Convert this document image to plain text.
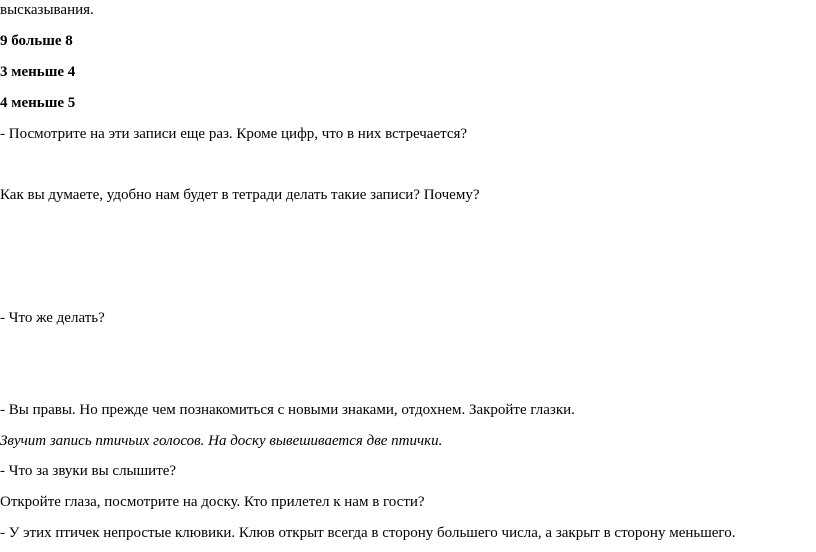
высказывания.
9 больше 8
3 меньше 4
4 меньше 5
- Посмотрите на эти записи еще раз. Кроме цифр, что в них встречается?
Как вы думаете, удобно нам будет в тетради делать такие записи? Почему?
- Что же делать?
- Вы правы. Но прежде чем познакомиться с новыми знаками, отдохнем. Закройте глазки.
Звучит запись птичьих голосов. На доску вывешивается две птички.
- Что за звуки вы слышите?
Откройте глаза, посмотрите на доску. Кто прилетел к нам в гости?
- У этих птичек непростые клювики. Клюв открыт всегда в сторону большего числа, а закрыт в сторону меньшего.
